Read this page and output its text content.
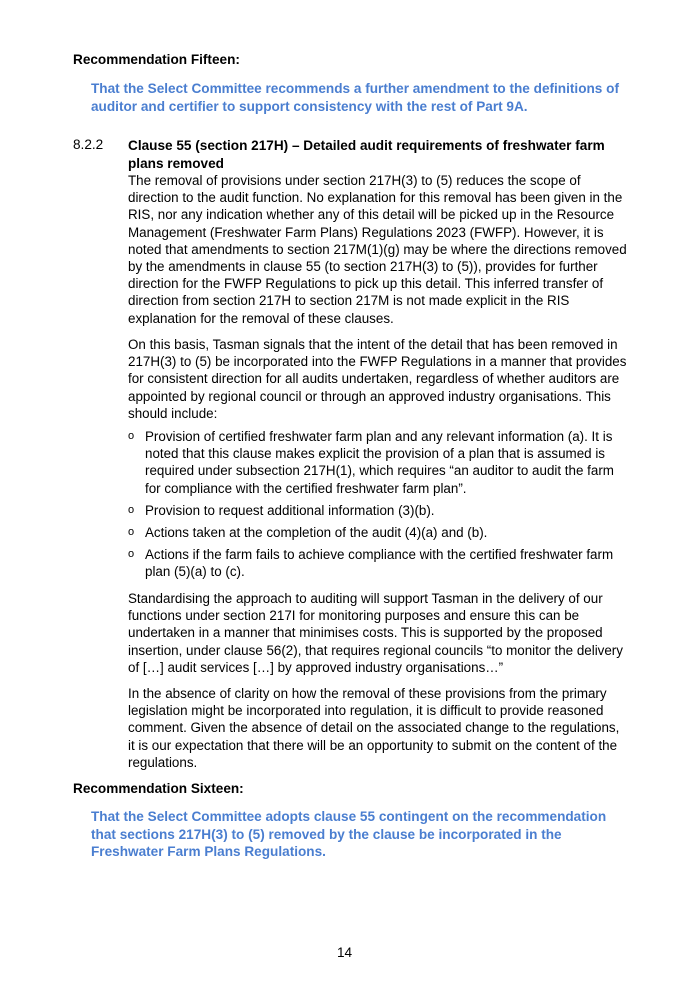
Recommendation Fifteen:

That the Select Committee recommends a further amendment to the definitions of
auditor and certifier to support consistency with the rest of Part 9A.
8.2.2 Clause 55 (section 217H) – Detailed audit requirements of freshwater farm
plans removed
The removal of provisions under section 217H(3) to (5) reduces the scope of
direction to the audit function. No explanation for this removal has been given in the
RIS, nor any indication whether any of this detail will be picked up in the Resource
Management (Freshwater Farm Plans) Regulations 2023 (FWFP). However, it is
noted that amendments to section 217M(1)(g) may be where the directions removed
by the amendments in clause 55 (to section 217H(3) to (5)), provides for further
direction for the FWFP Regulations to pick up this detail. This inferred transfer of
direction from section 217H to section 217M is not made explicit in the RIS
explanation for the removal of these clauses.
On this basis, Tasman signals that the intent of the detail that has been removed in
217H(3) to (5) be incorporated into the FWFP Regulations in a manner that provides
for consistent direction for all audits undertaken, regardless of whether auditors are
appointed by regional council or through an approved industry organisations. This
should include:
o Provision of certified freshwater farm plan and any relevant information (a). It is
noted that this clause makes explicit the provision of a plan that is assumed is
required under subsection 217H(1), which requires “an auditor to audit the farm
for compliance with the certified freshwater farm plan”.
o Provision to request additional information (3)(b).
o Actions taken at the completion of the audit (4)(a) and (b).
o Actions if the farm fails to achieve compliance with the certified freshwater farm
plan (5)(a) to (c).
Standardising the approach to auditing will support Tasman in the delivery of our
functions under section 217I for monitoring purposes and ensure this can be
undertaken in a manner that minimises costs. This is supported by the proposed
insertion, under clause 56(2), that requires regional councils “to monitor the delivery
of […] audit services […] by approved industry organisations…”
In the absence of clarity on how the removal of these provisions from the primary
legislation might be incorporated into regulation, it is difficult to provide reasoned
comment. Given the absence of detail on the associated change to the regulations,
it is our expectation that there will be an opportunity to submit on the content of the
regulations.

Recommendation Sixteen:

That the Select Committee adopts clause 55 contingent on the recommendation
that sections 217H(3) to (5) removed by the clause be incorporated in the
Freshwater Farm Plans Regulations.
14
